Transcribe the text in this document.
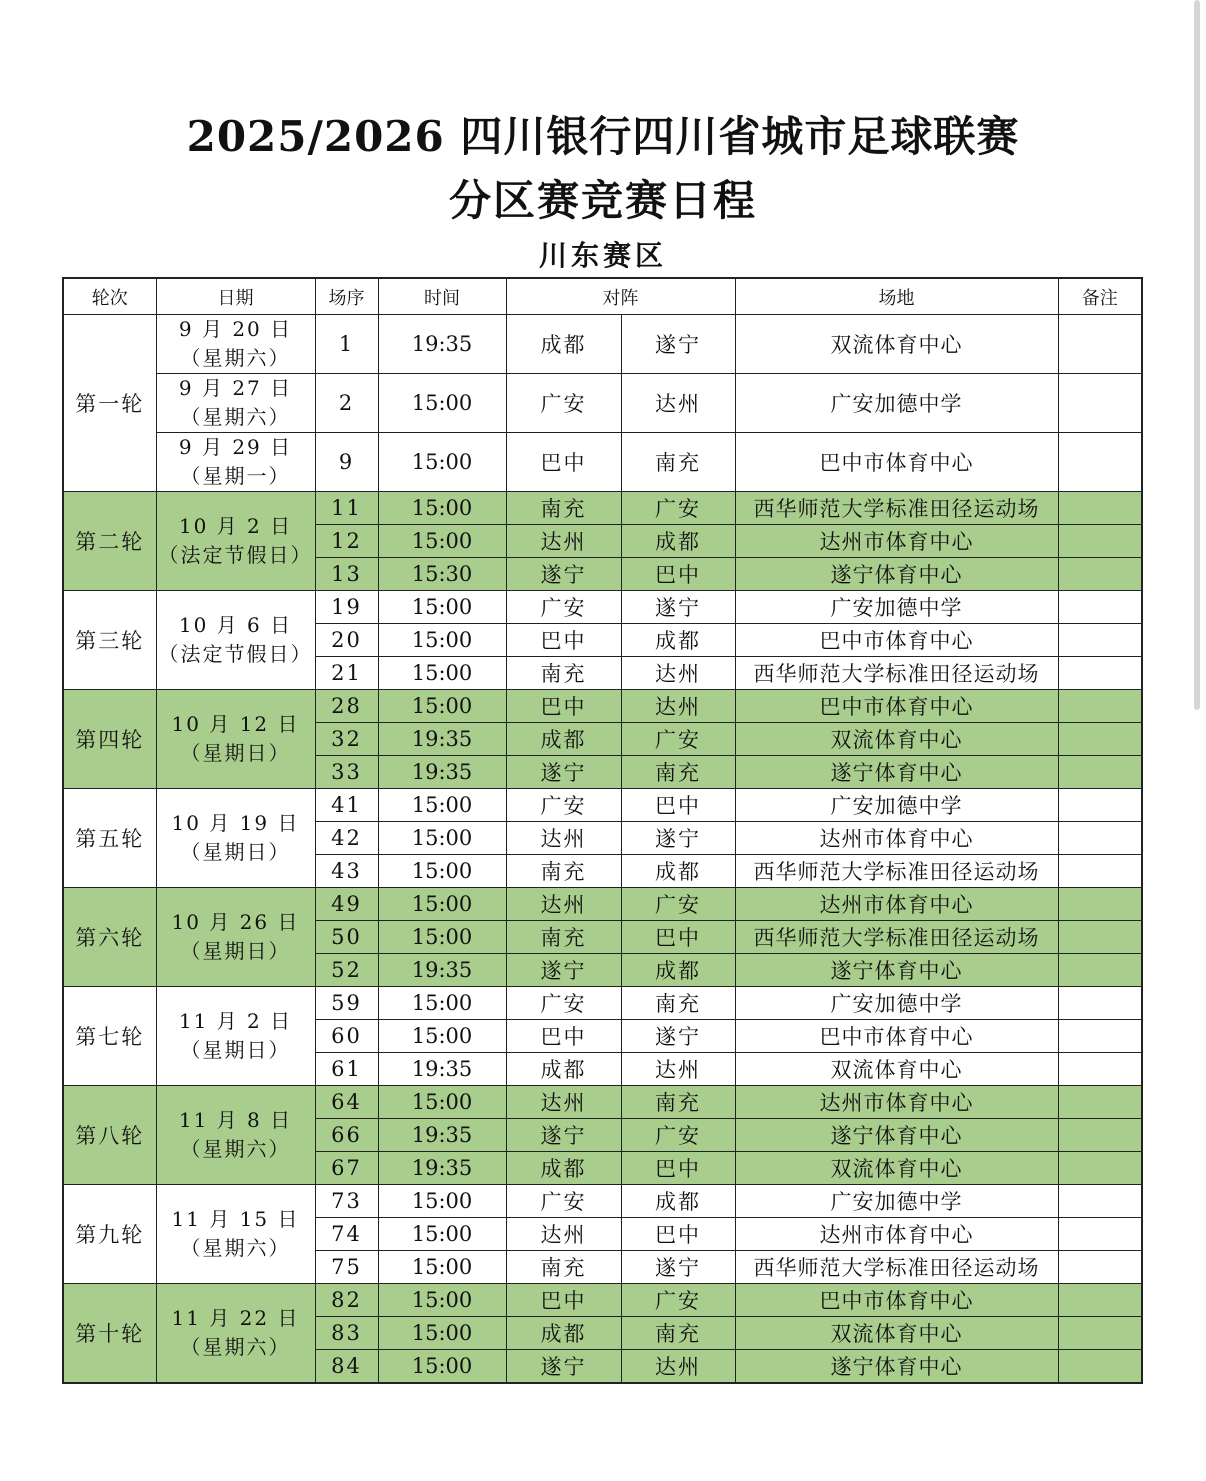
2025/2026 四川银行四川省城市足球联赛
分区赛竞赛日程
川东赛区
轮次	日期	场序	时间	对阵		场地	备注
第一轮	9 月 20 日
（星期六）	1	19:35	成都	遂宁	双流体育中心	

	9 月 27 日
（星期六）	2	15:00	广安	达州	广安加德中学	

	9 月 29 日
（星期一）	9	15:00	巴中	南充	巴中市体育中心	
第二轮	10 月 2 日
（法定节假日）	11	15:00	南充	广安	西华师范大学标准田径运动场	
		12	15:00	达州	成都	达州市体育中心	
		13	15:30	遂宁	巴中	遂宁体育中心	
第三轮	10 月 6 日
（法定节假日）	19	15:00	广安	遂宁	广安加德中学	
		20	15:00	巴中	成都	巴中市体育中心	
		21	15:00	南充	达州	西华师范大学标准田径运动场	
第四轮	10 月 12 日
（星期日）	28	15:00	巴中	达州	巴中市体育中心	
		32	19:35	成都	广安	双流体育中心	
		33	19:35	遂宁	南充	遂宁体育中心	
第五轮	10 月 19 日
（星期日）	41	15:00	广安	巴中	广安加德中学	
		42	15:00	达州	遂宁	达州市体育中心	
		43	15:00	南充	成都	西华师范大学标准田径运动场	
第六轮	10 月 26 日
（星期日）	49	15:00	达州	广安	达州市体育中心	
		50	15:00	南充	巴中	西华师范大学标准田径运动场	
		52	19:35	遂宁	成都	遂宁体育中心	
第七轮	11 月 2 日
（星期日）	59	15:00	广安	南充	广安加德中学	
		60	15:00	巴中	遂宁	巴中市体育中心	
		61	19:35	成都	达州	双流体育中心	
第八轮	11 月 8 日
（星期六）	64	15:00	达州	南充	达州市体育中心	
		66	19:35	遂宁	广安	遂宁体育中心	
		67	19:35	成都	巴中	双流体育中心	
第九轮	11 月 15 日
（星期六）	73	15:00	广安	成都	广安加德中学	
		74	15:00	达州	巴中	达州市体育中心	
		75	15:00	南充	遂宁	西华师范大学标准田径运动场	
第十轮	11 月 22 日
（星期六）	82	15:00	巴中	广安	巴中市体育中心	
		83	15:00	成都	南充	双流体育中心	
		84	15:00	遂宁	达州	遂宁体育中心	
